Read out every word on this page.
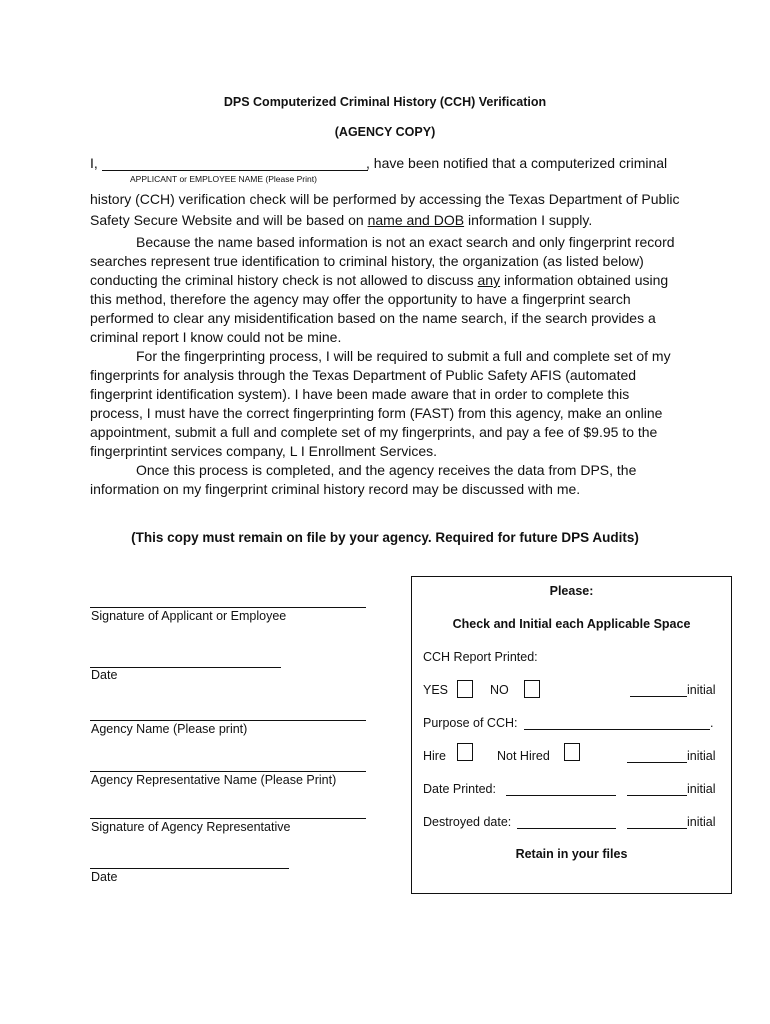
DPS Computerized Criminal History (CCH) Verification
(AGENCY COPY)
I,	, have been notified that a computerized criminal
APPLICANT or EMPLOYEE NAME (Please Print)
history (CCH) verification check will be performed by accessing the Texas Department of Public
Safety Secure Website and will be based on name and DOB information I supply.
Because the name based information is not an exact search and only fingerprint record
searches represent true identification to criminal history, the organization (as listed below)
conducting the criminal history check is not allowed to discuss any information obtained using
this method, therefore the agency may offer the opportunity to have a fingerprint search
performed to clear any misidentification based on the name search, if the search provides a
criminal report I know could not be mine.
For the fingerprinting process, I will be required to submit a full and complete set of my
fingerprints for analysis through the Texas Department of Public Safety AFIS (automated
fingerprint identification system). I have been made aware that in order to complete this
process, I must have the correct fingerprinting form (FAST) from this agency, make an online
appointment, submit a full and complete set of my fingerprints, and pay a fee of $9.95 to the
fingerprintint services company, L I Enrollment Services.
Once this process is completed, and the agency receives the data from DPS, the
information on my fingerprint criminal history record may be discussed with me.
(This copy must remain on file by your agency. Required for future DPS Audits)
Signature of Applicant or Employee
Date
Agency Name (Please print)
Agency Representative Name (Please Print)
Signature of Agency Representative
Date
Please:
Check and Initial each Applicable Space
CCH Report Printed:
YES	NO	initial
Purpose of CCH:	.
Hire	Not Hired	initial
Date Printed:	initial
Destroyed date:	initial
Retain in your files
